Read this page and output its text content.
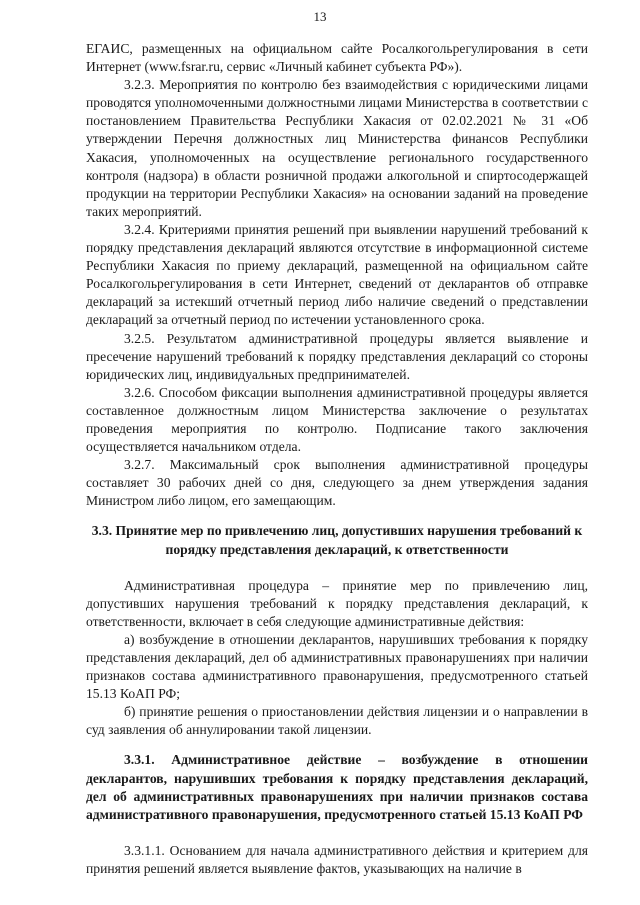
13

ЕГАИС, размещенных на официальном сайте Росалкогольрегулирования в сети Интернет (www.fsrar.ru, сервис «Личный кабинет субъекта РФ»).

3.2.3. Мероприятия по контролю без взаимодействия с юридическими лицами проводятся уполномоченными должностными лицами Министерства в соответствии с постановлением Правительства Республики Хакасия от 02.02.2021 № 31 «Об утверждении Перечня должностных лиц Министерства финансов Республики Хакасия, уполномоченных на осуществление регионального государственного контроля (надзора) в области розничной продажи алкогольной и спиртосодержащей продукции на территории Республики Хакасия» на основании заданий на проведение таких мероприятий.

3.2.4. Критериями принятия решений при выявлении нарушений требований к порядку представления деклараций являются отсутствие в информационной системе Республики Хакасия по приему деклараций, размещенной на официальном сайте Росалкогольрегулирования в сети Интернет, сведений от декларантов об отправке деклараций за истекший отчетный период либо наличие сведений о представлении деклараций за отчетный период по истечении установленного срока.

3.2.5. Результатом административной процедуры является выявление и пресечение нарушений требований к порядку представления деклараций со стороны юридических лиц, индивидуальных предпринимателей.

3.2.6. Способом фиксации выполнения административной процедуры является составленное должностным лицом Министерства заключение о результатах проведения мероприятия по контролю. Подписание такого заключения осуществляется начальником отдела.

3.2.7. Максимальный срок выполнения административной процедуры составляет 30 рабочих дней со дня, следующего за днем утверждения задания Министром либо лицом, его замещающим.

3.3. Принятие мер по привлечению лиц, допустивших нарушения требований к порядку представления деклараций, к ответственности

Административная процедура – принятие мер по привлечению лиц, допустивших нарушения требований к порядку представления деклараций, к ответственности, включает в себя следующие административные действия:

а) возбуждение в отношении декларантов, нарушивших требования к порядку представления деклараций, дел об административных правонарушениях при наличии признаков состава административного правонарушения, предусмотренного статьей 15.13 КоАП РФ;

б) принятие решения о приостановлении действия лицензии и о направлении в суд заявления об аннулировании такой лицензии.

3.3.1. Административное действие – возбуждение в отношении декларантов, нарушивших требования к порядку представления деклараций, дел об административных правонарушениях при наличии признаков состава административного правонарушения, предусмотренного статьей 15.13 КоАП РФ

3.3.1.1. Основанием для начала административного действия и критерием для принятия решений является выявление фактов, указывающих на наличие в
